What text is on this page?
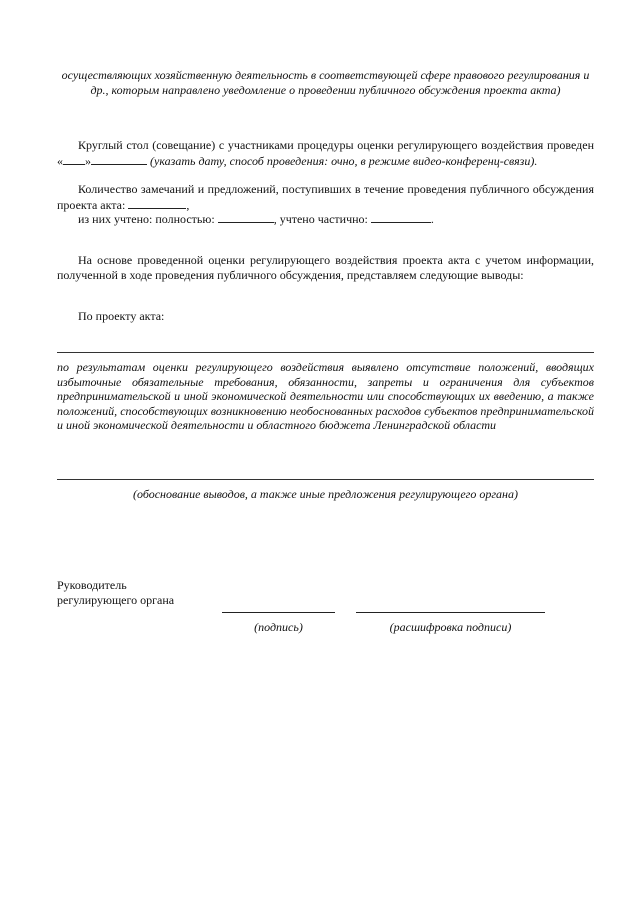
осуществляющих хозяйственную деятельность в соответствующей сфере правового регулирования и др., которым направлено уведомление о проведении публичного обсуждения проекта акта)
Круглый стол (совещание) с участниками процедуры оценки регулирующего воздействия проведен « »	(указать дату, способ проведения: очно, в режиме видео-конференц-связи).
Количество замечаний и предложений, поступивших в течение проведения публичного обсуждения проекта акта:	,
из них учтено: полностью:	, учтено частично:	.
На основе проведенной оценки регулирующего воздействия проекта акта с учетом информации, полученной в ходе проведения публичного обсуждения, представляем следующие выводы:
По проекту акта:
по результатам оценки регулирующего воздействия выявлено отсутствие положений, вводящих избыточные обязательные требования, обязанности, запреты и ограничения для субъектов предпринимательской и иной экономической деятельности или способствующих их введению, а также положений, способствующих возникновению необоснованных расходов субъектов предпринимательской и иной экономической деятельности и областного бюджета Ленинградской области
(обоснование выводов, а также иные предложения регулирующего органа)
Руководитель
регулирующего органа
(подпись)	(расшифровка подписи)
